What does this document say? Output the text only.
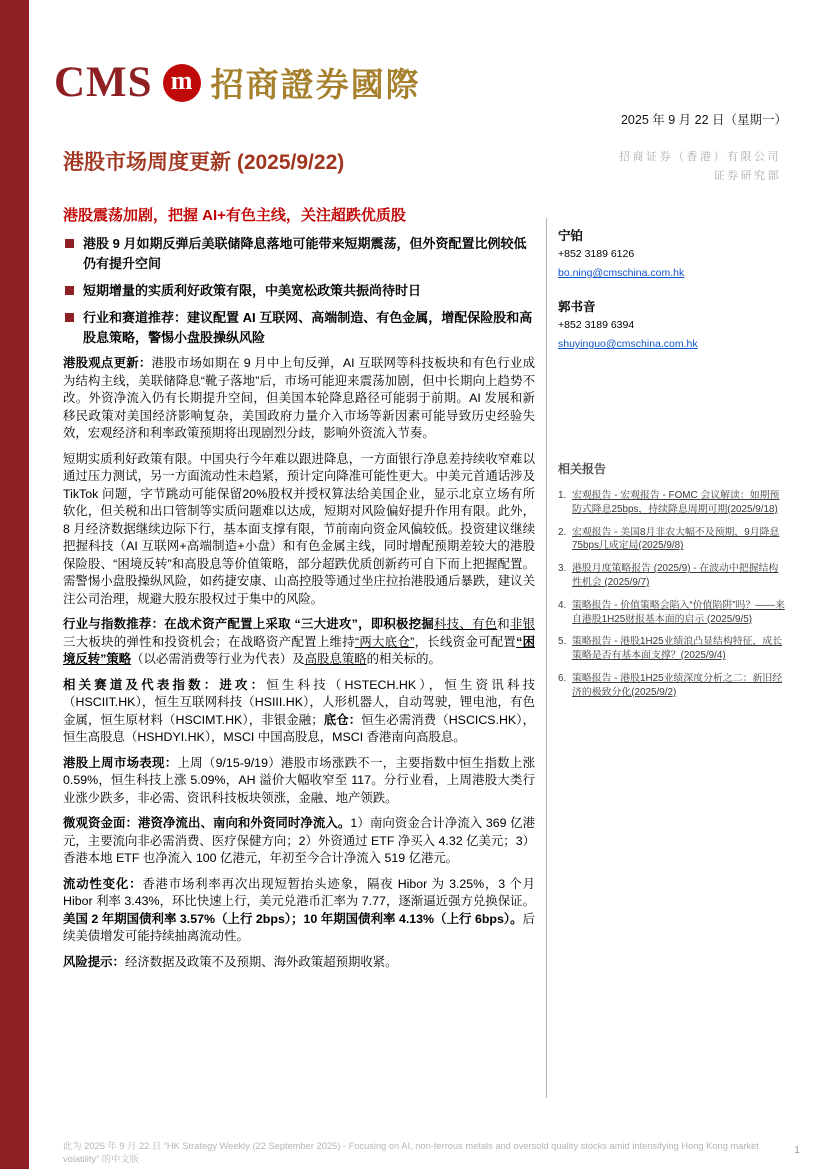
CMS m 招商證券國際
2025 年 9 月 22 日（星期一）
港股市场周度更新 (2025/9/22)	招商证券（香港）有限公司
证券研究部
港股震荡加剧，把握 AI+有色主线，关注超跌优质股
港股 9 月如期反弹后美联储降息落地可能带来短期震荡，但外资配置比例较低仍有提升空间
短期增量的实质利好政策有限，中美宽松政策共振尚待时日
行业和赛道推荐：建议配置 AI 互联网、高端制造、有色金属，增配保险股和高股息策略，警惕小盘股操纵风险

港股观点更新：港股市场如期在 9 月中上旬反弹，AI 互联网等科技板块和有色行业成为结构主线，美联储降息“靴子落地”后，市场可能迎来震荡加剧，但中长期向上趋势不改。外资净流入仍有长期提升空间，但美国本轮降息路径可能弱于前期。AI 发展和新移民政策对美国经济影响复杂，美国政府力量介入市场等新因素可能导致历史经验失效，宏观经济和利率政策预期将出现剧烈分歧，影响外资流入节奏。

短期实质利好政策有限。中国央行今年难以跟进降息，一方面银行净息差持续收窄难以通过压力测试，另一方面流动性未趋紧，预计定向降准可能性更大。中美元首通话涉及 TikTok 问题，字节跳动可能保留20%股权并授权算法给美国企业，显示北京立场有所软化，但关税和出口管制等实质问题难以达成，短期对风险偏好提升作用有限。此外，8 月经济数据继续边际下行，基本面支撑有限，节前南向资金风偏较低。投资建议继续把握科技（AI 互联网+高端制造+小盘）和有色金属主线，同时增配预期差较大的港股保险股、“困境反转”和高股息等价值策略，部分超跌优质创新药可自下而上把握配置。需警惕小盘股操纵风险，如药捷安康、山高控股等通过坐庄拉抬港股通后暴跌，建议关注公司治理，规避大股东股权过于集中的风险。

行业与指数推荐：在战术资产配置上采取 “三大进攻”，即积极挖掘科技、有色和非银三大板块的弹性和投资机会；在战略资产配置上维持“两大底仓”，长线资金可配置“困境反转”策略（以必需消费等行业为代表）及高股息策略的相关标的。

相关赛道及代表指数：进攻：恒生科技（HSTECH.HK），恒生资讯科技（HSCIIT.HK），恒生互联网科技（HSIII.HK），人形机器人，自动驾驶，锂电池，有色金属，恒生原材料（HSCIMT.HK），非银金融；底仓：恒生必需消费（HSCICS.HK），恒生高股息（HSHDYI.HK），MSCI 中国高股息，MSCI 香港南向高股息。

港股上周市场表现：上周（9/15-9/19）港股市场涨跌不一，主要指数中恒生指数上涨 0.59%，恒生科技上涨 5.09%，AH 溢价大幅收窄至 117。分行业看，上周港股大类行业涨少跌多，非必需、资讯科技板块领涨，金融、地产领跌。

微观资金面：港资净流出、南向和外资同时净流入。1）南向资金合计净流入 369 亿港元，主要流向非必需消费、医疗保健方向；2）外资通过 ETF 净买入 4.32 亿美元；3）香港本地 ETF 也净流入 100 亿港元，年初至今合计净流入 519 亿港元。

流动性变化：香港市场利率再次出现短暂抬头迹象，隔夜 Hibor 为 3.25%，3 个月 Hibor 利率 3.43%，环比快速上行，美元兑港币汇率为 7.77，逐渐逼近强方兑换保证。美国 2 年期国债利率 3.57%（上行 2bps）；10 年期国债利率 4.13%（上行 6bps）。后续美债增发可能持续抽离流动性。

风险提示：经济数据及政策不及预期、海外政策超预期收紧。

宁铂
+852 3189 6126
bo.ning@cmschina.com.hk
郭书音
+852 3189 6394
shuyinguo@cmschina.com.hk
相关报告
1. 宏观报告 - 宏观报告 - FOMC 会议解读：如期预防式降息25bps，持续降息周期可期(2025/9/18)
2. 宏观报告 - 美国8月非农大幅不及预期，9月降息75bps几成定局(2025/9/8)
3. 港股月度策略报告 (2025/9) - 在波动中把握结构性机会 (2025/9/7)
4. 策略报告 - 价值策略会陷入“价值陷阱”吗？——来自港股1H25财报基本面的启示 (2025/9/5)
5. 策略报告 - 港股1H25业绩浪凸显结构特征，成长策略是否有基本面支撑？(2025/9/4)
6. 策略报告 - 港股1H25业绩深度分析之二：新旧经济的极致分化(2025/9/2)
此为 2025 年 9 月 22 日 “HK Strategy Weekly (22 September 2025) - Focusing on AI, non-ferrous metals and oversold quality stocks amid intensifying Hong Kong market volatility” 的中文版
1
